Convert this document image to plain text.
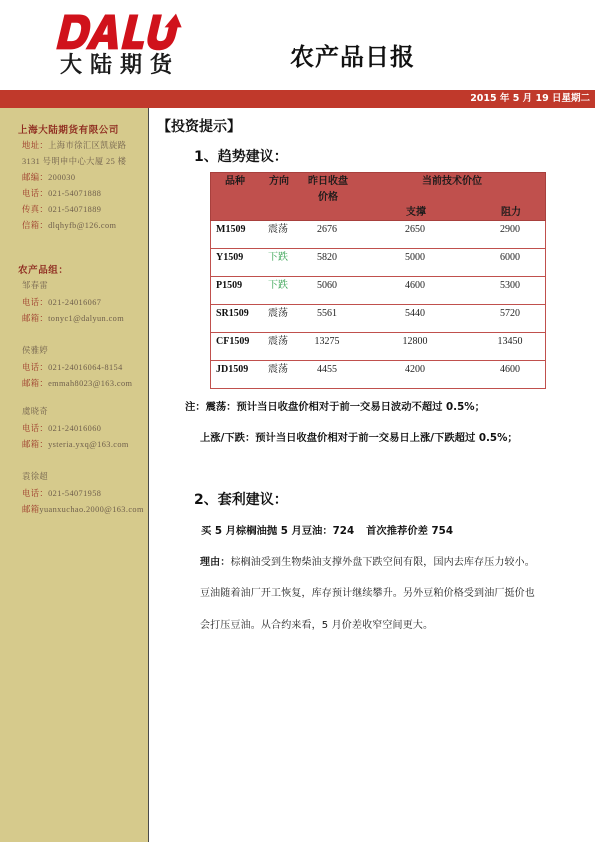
大陆期货	农产品日报
2015 年 5 月 19 日星期二
上海大陆期货有限公司
地址：上海市徐汇区凯旋路
3131 号明申中心大厦 25 楼
邮编：200030
电话：021-54071888
传真：021-54071889
信箱：dlqhyfb@126.com
农产品组：
邹春雷
电话：021-24016067
邮箱：tonyc1@dalyun.com
侯雅婷
电话：021-24016064-8154
邮箱：emmah8023@163.com
虞晓奇
电话：021-24016060
邮箱：ysteria.yxq@163.com
袁徐超
电话：021-54071958
邮箱yuanxuchao.2000@163.com
【投资提示】
1、趋势建议：
品种	方向	昨日收盘
价格
当前技术价位
支撑	阻力
M1509	震荡	2676	2650	2900
Y1509	下跌	5820	5000	6000
P1509	下跌	5060	4600	5300
SR1509	震荡	5561	5440	5720
CF1509	震荡	13275	12800	13450
JD1509	震荡	4455	4200	4600
注：震荡：预计当日收盘价相对于前一交易日波动不超过 0.5%；
上涨/下跌：预计当日收盘价相对于前一交易日上涨/下跌超过 0.5%；
2、套利建议：
买 5 月棕榈油抛 5 月豆油：724 首次推荐价差 754
理由：棕榈油受到生物柴油支撑外盘下跌空间有限，国内去库存压力较小。
豆油随着油厂开工恢复，库存预计继续攀升。另外豆粕价格受到油厂挺价也
会打压豆油。从合约来看，5 月价差收窄空间更大。
